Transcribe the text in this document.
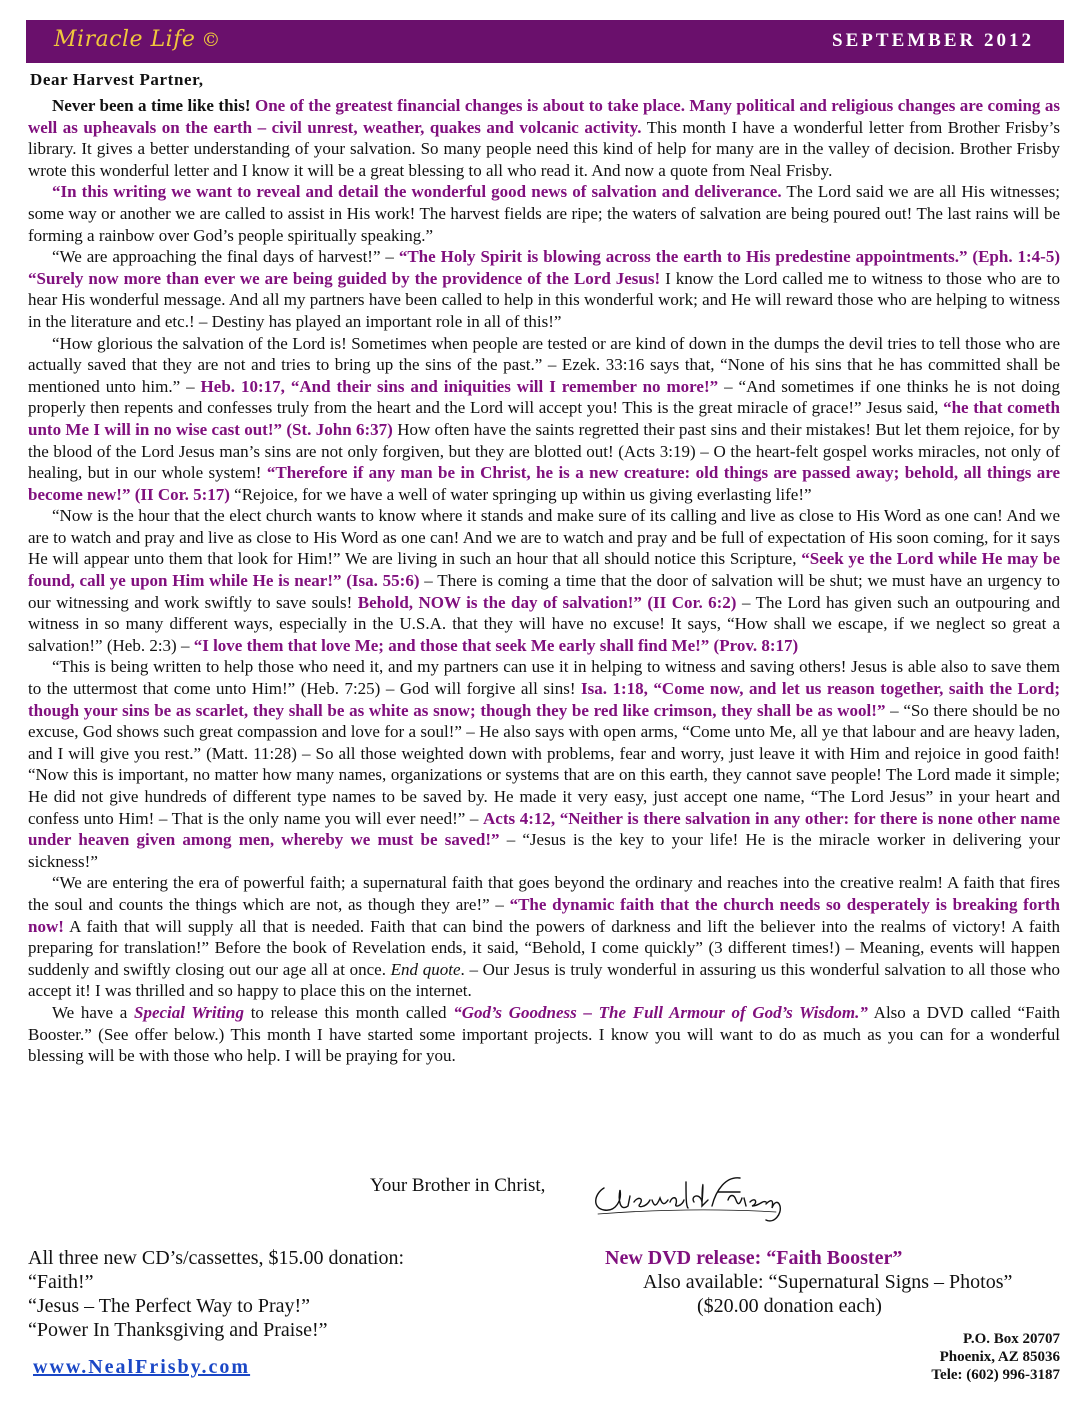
Miracle Life ©	SEPTEMBER 2012
Dear Harvest Partner,

Never been a time like this! One of the greatest financial changes is about to take place. Many political and religious changes are coming as well as upheavals on the earth – civil unrest, weather, quakes and volcanic activity. This month I have a wonderful letter from Brother Frisby’s library. It gives a better understanding of your salvation. So many people need this kind of help for many are in the valley of decision. Brother Frisby wrote this wonderful letter and I know it will be a great blessing to all who read it. And now a quote from Neal Frisby.

“In this writing we want to reveal and detail the wonderful good news of salvation and deliverance. The Lord said we are all His witnesses; some way or another we are called to assist in His work! The harvest fields are ripe; the waters of salvation are being poured out! The last rains will be forming a rainbow over God’s people spiritually speaking.”

“We are approaching the final days of harvest!” – “The Holy Spirit is blowing across the earth to His predestine appointments.” (Eph. 1:4-5) “Surely now more than ever we are being guided by the providence of the Lord Jesus! I know the Lord called me to witness to those who are to hear His wonderful message. And all my partners have been called to help in this wonderful work; and He will reward those who are helping to witness in the literature and etc.! – Destiny has played an important role in all of this!”

“How glorious the salvation of the Lord is! Sometimes when people are tested or are kind of down in the dumps the devil tries to tell those who are actually saved that they are not and tries to bring up the sins of the past.” – Ezek. 33:16 says that, “None of his sins that he has committed shall be mentioned unto him.” – Heb. 10:17, “And their sins and iniquities will I remember no more!” – “And sometimes if one thinks he is not doing properly then repents and confesses truly from the heart and the Lord will accept you! This is the great miracle of grace!” Jesus said, “he that cometh unto Me I will in no wise cast out!” (St. John 6:37) How often have the saints regretted their past sins and their mistakes! But let them rejoice, for by the blood of the Lord Jesus man’s sins are not only forgiven, but they are blotted out! (Acts 3:19) – O the heart-felt gospel works miracles, not only of healing, but in our whole system! “Therefore if any man be in Christ, he is a new creature: old things are passed away; behold, all things are become new!” (II Cor. 5:17) “Rejoice, for we have a well of water springing up within us giving everlasting life!”

“Now is the hour that the elect church wants to know where it stands and make sure of its calling and live as close to His Word as one can! And we are to watch and pray and live as close to His Word as one can! And we are to watch and pray and be full of expectation of His soon coming, for it says He will appear unto them that look for Him!” We are living in such an hour that all should notice this Scripture, “Seek ye the Lord while He may be found, call ye upon Him while He is near!” (Isa. 55:6) – There is coming a time that the door of salvation will be shut; we must have an urgency to our witnessing and work swiftly to save souls! Behold, NOW is the day of salvation!” (II Cor. 6:2) – The Lord has given such an outpouring and witness in so many different ways, especially in the U.S.A. that they will have no excuse! It says, “How shall we escape, if we neglect so great a salvation!” (Heb. 2:3) – “I love them that love Me; and those that seek Me early shall find Me!” (Prov. 8:17)

“This is being written to help those who need it, and my partners can use it in helping to witness and saving others! Jesus is able also to save them to the uttermost that come unto Him!” (Heb. 7:25) – God will forgive all sins! Isa. 1:18, “Come now, and let us reason together, saith the Lord; though your sins be as scarlet, they shall be as white as snow; though they be red like crimson, they shall be as wool!” – “So there should be no excuse, God shows such great compassion and love for a soul!” – He also says with open arms, “Come unto Me, all ye that labour and are heavy laden, and I will give you rest.” (Matt. 11:28) – So all those weighted down with problems, fear and worry, just leave it with Him and rejoice in good faith! “Now this is important, no matter how many names, organizations or systems that are on this earth, they cannot save people! The Lord made it simple; He did not give hundreds of different type names to be saved by. He made it very easy, just accept one name, “The Lord Jesus” in your heart and confess unto Him! – That is the only name you will ever need!” – Acts 4:12, “Neither is there salvation in any other: for there is none other name under heaven given among men, whereby we must be saved!” – “Jesus is the key to your life! He is the miracle worker in delivering your sickness!”

“We are entering the era of powerful faith; a supernatural faith that goes beyond the ordinary and reaches into the creative realm! A faith that fires the soul and counts the things which are not, as though they are!” – “The dynamic faith that the church needs so desperately is breaking forth now! A faith that will supply all that is needed. Faith that can bind the powers of darkness and lift the believer into the realms of victory! A faith preparing for translation!” Before the book of Revelation ends, it said, “Behold, I come quickly” (3 different times!) – Meaning, events will happen suddenly and swiftly closing out our age all at once. End quote. – Our Jesus is truly wonderful in assuring us this wonderful salvation to all those who accept it! I was thrilled and so happy to place this on the internet.

We have a Special Writing to release this month called “God’s Goodness – The Full Armour of God’s Wisdom.” Also a DVD called “Faith Booster.” (See offer below.) This month I have started some important projects. I know you will want to do as much as you can for a wonderful blessing will be with those who help. I will be praying for you.

Your Brother in Christ,
All three new CD’s/cassettes, $15.00 donation:
“Faith!”
“Jesus – The Perfect Way to Pray!”
“Power In Thanksgiving and Praise!”
New DVD release: “Faith Booster”
Also available: “Supernatural Signs – Photos”
($20.00 donation each)
www.NealFrisby.com
P.O. Box 20707
Phoenix, AZ 85036
Tele: (602) 996-3187
